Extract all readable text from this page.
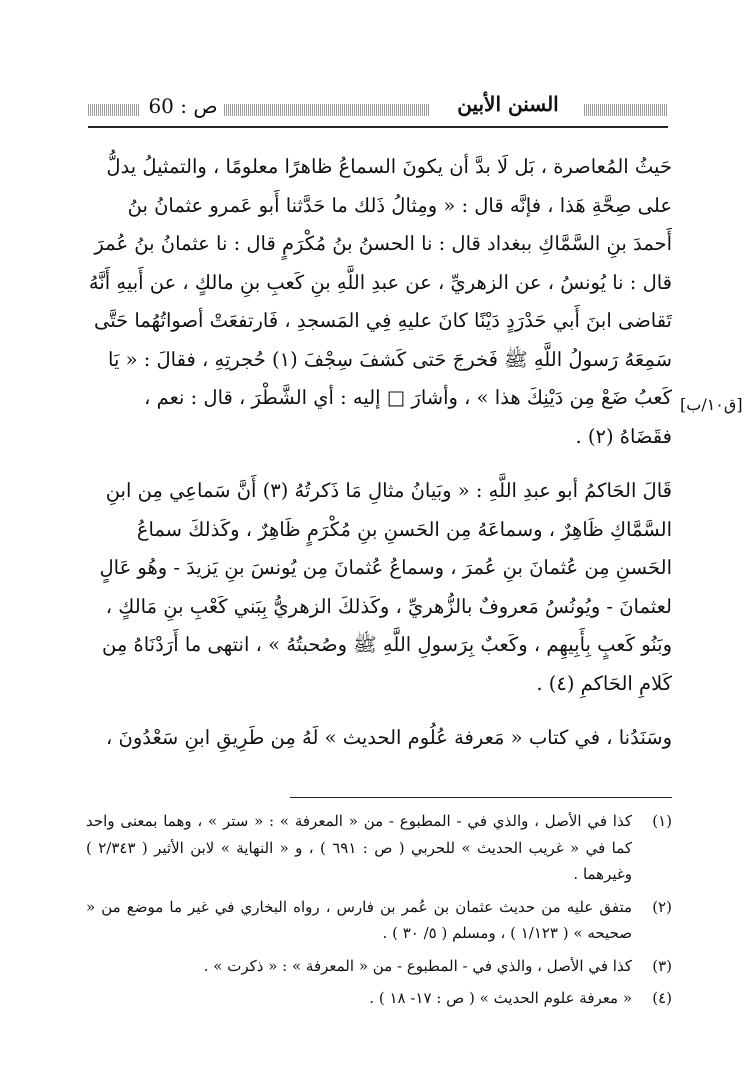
ص : 60	السنن الأبين

حَيثُ المُعاصرة ، بَل لَا بدَّ أن يكونَ السماعُ ظاهرًا معلومًا ، والتمثيلُ يدلُّ على صِحَّةِ هَذا ، فإنَّه قال : « ومِثالُ ذَلك ما حَدَّثنا أَبو عَمرو عثمانُ بنُ أَحمدَ بنِ السَّمَّاكِ ببغداد قال : نا الحسنُ بنُ مُكْرَمٍ قال : نا عثمانُ بنُ عُمرَ قال : نا يُونسُ ، عن الزهريِّ ، عن عبدِ اللَّهِ بنِ كَعبِ بنِ مالكٍ ، عن أَبيهِ أَنَّهُ تَقاضى ابنَ أَبي حَدْرَدٍ دَيْنًا كانَ عليهِ فِي المَسجدِ ، فَارتفعَتْ أصواتُهُما حَتَّى سَمِعَهُ رَسولُ اللَّهِ ﷺ فَخرجَ حَتى كَشفَ سِجْفَ (١) حُجرتِهِ ، فقالَ : « يَا كَعبُ ضَعْ مِن دَيْنِكَ هذا » ، وأشارَ □ إليه : أي الشَّطْرَ ، قال : نعم ، فقَضَاهُ (٢) .

قَالَ الحَاكمُ أبو عبدِ اللَّهِ : « وبَيانُ مثالِ مَا ذَكرتُهُ (٣) أَنَّ سَماعِي مِن ابنِ السَّمَّاكِ ظَاهِرٌ ، وسماعَهُ مِن الحَسنِ بنِ مُكْرَمٍ ظَاهِرٌ ، وكَذلكَ سماعُ الحَسنِ مِن عُثمانَ بنِ عُمرَ ، وسماعُ عُثمانَ مِن يُونسَ بنِ يَزيدَ - وهُو عَالٍ لعثمانَ - ويُونُسُ مَعروفٌ بالزُّهريِّ ، وكَذلكَ الزهريُّ بِبَني كَعْبِ بنِ مَالكٍ ، وبَنُو كَعبٍ بِأَبِيهِم ، وكَعبٌ بِرَسولِ اللَّهِ ﷺ وصُحبتُهُ » ، انتهى ما أَرَدْنَاهُ مِن كَلامِ الحَاكمِ (٤) .

وسَنَدُنا ، في كتاب « مَعرفة عُلُوم الحديث » لَهُ مِن طَرِيقِ ابنِ سَعْدُونَ ،

[ق١٠/ب]
(١)
كذا في الأصل ، والذي في - المطبوع - من « المعرفة » : « ستر » ، وهما بمعنى واحد كما في « غريب الحديث » للحربي ( ص : ٦٩١ ) ، و « النهاية » لابن الأثير ( ٢/٣٤٣ ) وغيرهما .
(٢)
متفق عليه من حديث عثمان بن عُمر بن فارس ، رواه البخاري في غير ما موضع من « صحيحه » ( ١/١٢٣ ) ، ومسلم ( ٥/ ٣٠ ) .
(٣)
كذا في الأصل ، والذي في - المطبوع - من « المعرفة » : « ذكرت » .
(٤)
« معرفة علوم الحديث » ( ص : ١٧- ١٨ ) .
